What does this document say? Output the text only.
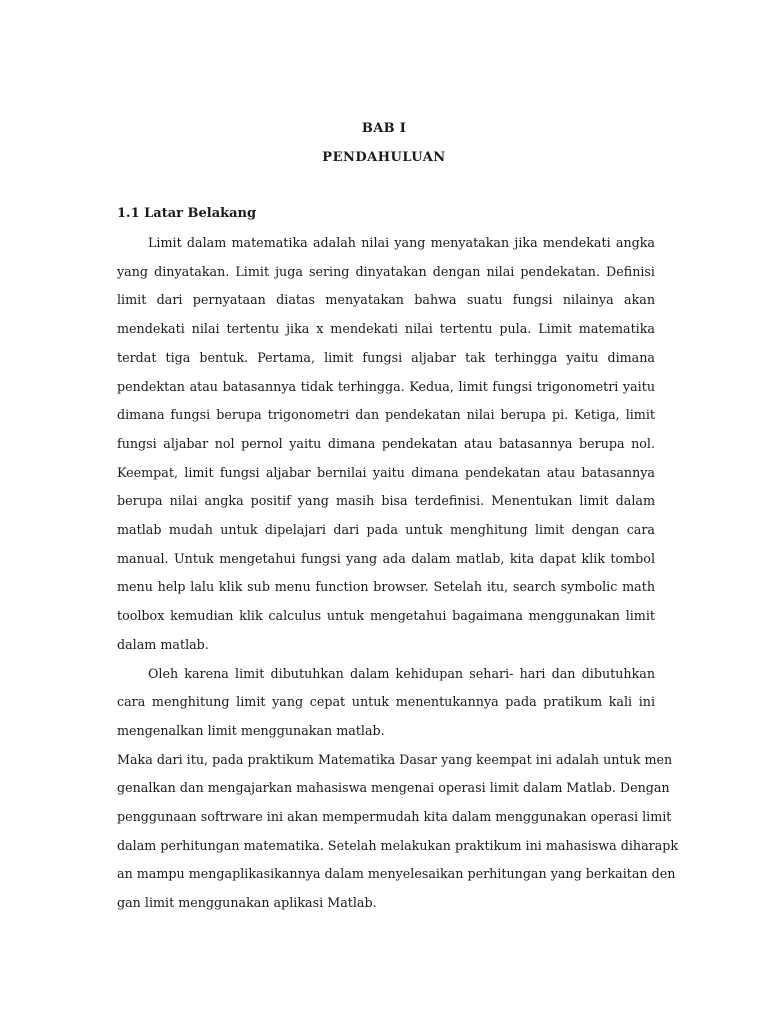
BAB I
PENDAHULUAN
1.1 Latar Belakang

Limit dalam matematika adalah nilai yang menyatakan jika mendekati angka yang dinyatakan. Limit juga sering dinyatakan dengan nilai pendekatan. Definisi limit dari pernyataan diatas menyatakan bahwa suatu fungsi nilainya akan mendekati nilai tertentu jika x mendekati nilai tertentu pula. Limit matematika terdat tiga bentuk. Pertama, limit fungsi aljabar tak terhingga yaitu dimana pendektan atau batasannya tidak terhingga. Kedua, limit fungsi trigonometri yaitu dimana fungsi berupa trigonometri dan pendekatan nilai berupa pi. Ketiga, limit fungsi aljabar nol pernol yaitu dimana pendekatan atau batasannya berupa nol. Keempat, limit fungsi aljabar bernilai yaitu dimana pendekatan atau batasannya berupa nilai angka positif yang masih bisa terdefinisi. Menentukan limit dalam matlab mudah untuk dipelajari dari pada untuk menghitung limit dengan cara manual. Untuk mengetahui fungsi yang ada dalam matlab, kita dapat klik tombol menu help lalu klik sub menu function browser. Setelah itu, search symbolic math toolbox kemudian klik calculus untuk mengetahui bagaimana menggunakan limit dalam matlab.

Oleh karena limit dibutuhkan dalam kehidupan sehari- hari dan dibutuhkan cara menghitung limit yang cepat untuk menentukannya pada pratikum kali ini mengenalkan limit menggunakan matlab.

Maka dari itu, pada praktikum Matematika Dasar yang keempat ini adalah untuk men
genalkan dan mengajarkan mahasiswa mengenai operasi limit dalam Matlab. Dengan
penggunaan softrware ini akan mempermudah kita dalam menggunakan operasi limit
dalam perhitungan matematika. Setelah melakukan praktikum ini mahasiswa diharapk
an mampu mengaplikasikannya dalam menyelesaikan perhitungan yang berkaitan den
gan limit menggunakan aplikasi Matlab.
